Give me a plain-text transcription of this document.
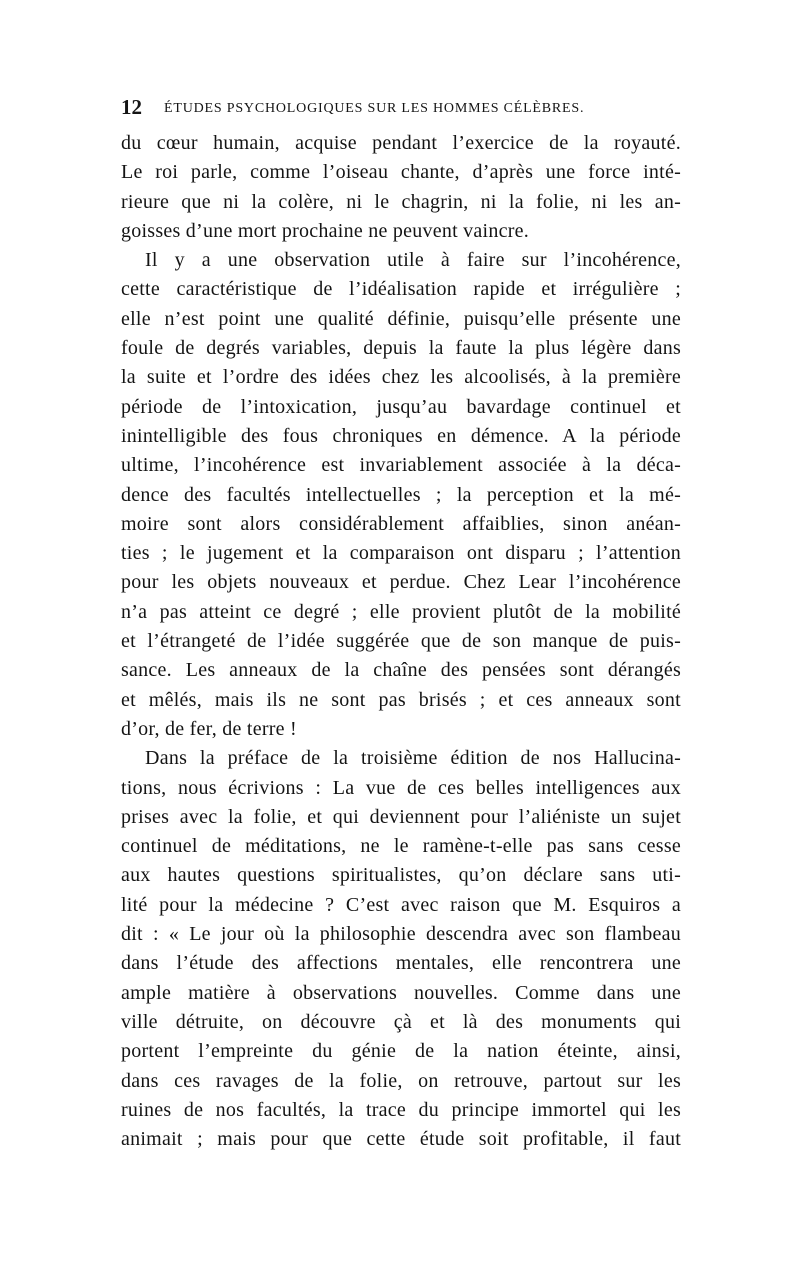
12 ÉTUDES PSYCHOLOGIQUES SUR LES HOMMES CÉLÈBRES.
du cœur humain, acquise pendant l’exercice de la royauté.
Le roi parle, comme l’oiseau chante, d’après une force inté-
rieure que ni la colère, ni le chagrin, ni la folie, ni les an-
goisses d’une mort prochaine ne peuvent vaincre.
Il y a une observation utile à faire sur l’incohérence,
cette caractéristique de l’idéalisation rapide et irrégulière ;
elle n’est point une qualité définie, puisqu’elle présente une
foule de degrés variables, depuis la faute la plus légère dans
la suite et l’ordre des idées chez les alcoolisés, à la première
période de l’intoxication, jusqu’au bavardage continuel et
inintelligible des fous chroniques en démence. A la période
ultime, l’incohérence est invariablement associée à la déca-
dence des facultés intellectuelles ; la perception et la mé-
moire sont alors considérablement affaiblies, sinon anéan-
ties ; le jugement et la comparaison ont disparu ; l’attention
pour les objets nouveaux et perdue. Chez Lear l’incohérence
n’a pas atteint ce degré ; elle provient plutôt de la mobilité
et l’étrangeté de l’idée suggérée que de son manque de puis-
sance. Les anneaux de la chaîne des pensées sont dérangés
et mêlés, mais ils ne sont pas brisés ; et ces anneaux sont
d’or, de fer, de terre !
Dans la préface de la troisième édition de nos Hallucina-
tions, nous écrivions : La vue de ces belles intelligences aux
prises avec la folie, et qui deviennent pour l’aliéniste un sujet
continuel de méditations, ne le ramène-t-elle pas sans cesse
aux hautes questions spiritualistes, qu’on déclare sans uti-
lité pour la médecine ? C’est avec raison que M. Esquiros a
dit : « Le jour où la philosophie descendra avec son flambeau
dans l’étude des affections mentales, elle rencontrera une
ample matière à observations nouvelles. Comme dans une
ville détruite, on découvre çà et là des monuments qui
portent l’empreinte du génie de la nation éteinte, ainsi,
dans ces ravages de la folie, on retrouve, partout sur les
ruines de nos facultés, la trace du principe immortel qui les
animait ; mais pour que cette étude soit profitable, il faut
